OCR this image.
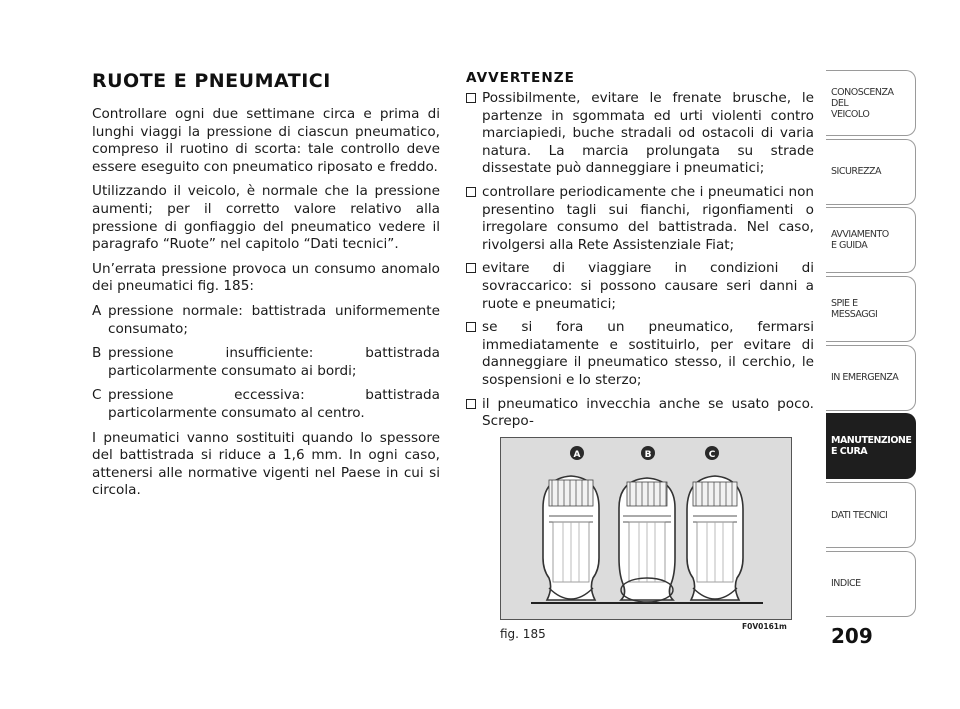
RUOTE E PNEUMATICI

Controllare ogni due settimane circa e prima di lunghi viaggi la pressione di ciascun pneumatico, compreso il ruotino di scorta: tale controllo deve essere eseguito con pneumatico riposato e freddo.

Utilizzando il veicolo, è normale che la pressione aumenti; per il corretto valore relativo alla pressione di gonfiaggio del pneumatico vedere il paragrafo “Ruote” nel capitolo “Dati tecnici”.

Un’errata pressione provoca un consumo anomalo dei pneumatici fig. 185:

A pressione normale: battistrada uniformemente consumato;
B pressione insufficiente: battistrada particolarmente consumato ai bordi;
C pressione eccessiva: battistrada particolarmente consumato al centro.

I pneumatici vanno sostituiti quando lo spessore del battistrada si riduce a 1,6 mm. In ogni caso, attenersi alle normative vigenti nel Paese in cui si circola.

AVVERTENZE
Possibilmente, evitare le frenate brusche, le partenze in sgommata ed urti violenti contro marciapiedi, buche stradali od ostacoli di varia natura. La marcia prolungata su strade dissestate può danneggiare i pneumatici;
controllare periodicamente che i pneumatici non presentino tagli sui fianchi, rigonfiamenti o irregolare consumo del battistrada. Nel caso, rivolgersi alla Rete Assistenziale Fiat;
evitare di viaggiare in condizioni di sovraccarico: si possono causare seri danni a ruote e pneumatici;
se si fora un pneumatico, fermarsi immediatamente e sostituirlo, per evitare di danneggiare il pneumatico stesso, il cerchio, le sospensioni e lo sterzo;
il pneumatico invecchia anche se usato poco. Screpo-
A	B	C
fig. 185
F0V0161m 209
CONOSCENZA
DEL
VEICOLO
SICUREZZA
AVVIAMENTO
E GUIDA
SPIE E
MESSAGGI
IN EMERGENZA
MANUTENZIONE
E CURA
DATI TECNICI
INDICE
